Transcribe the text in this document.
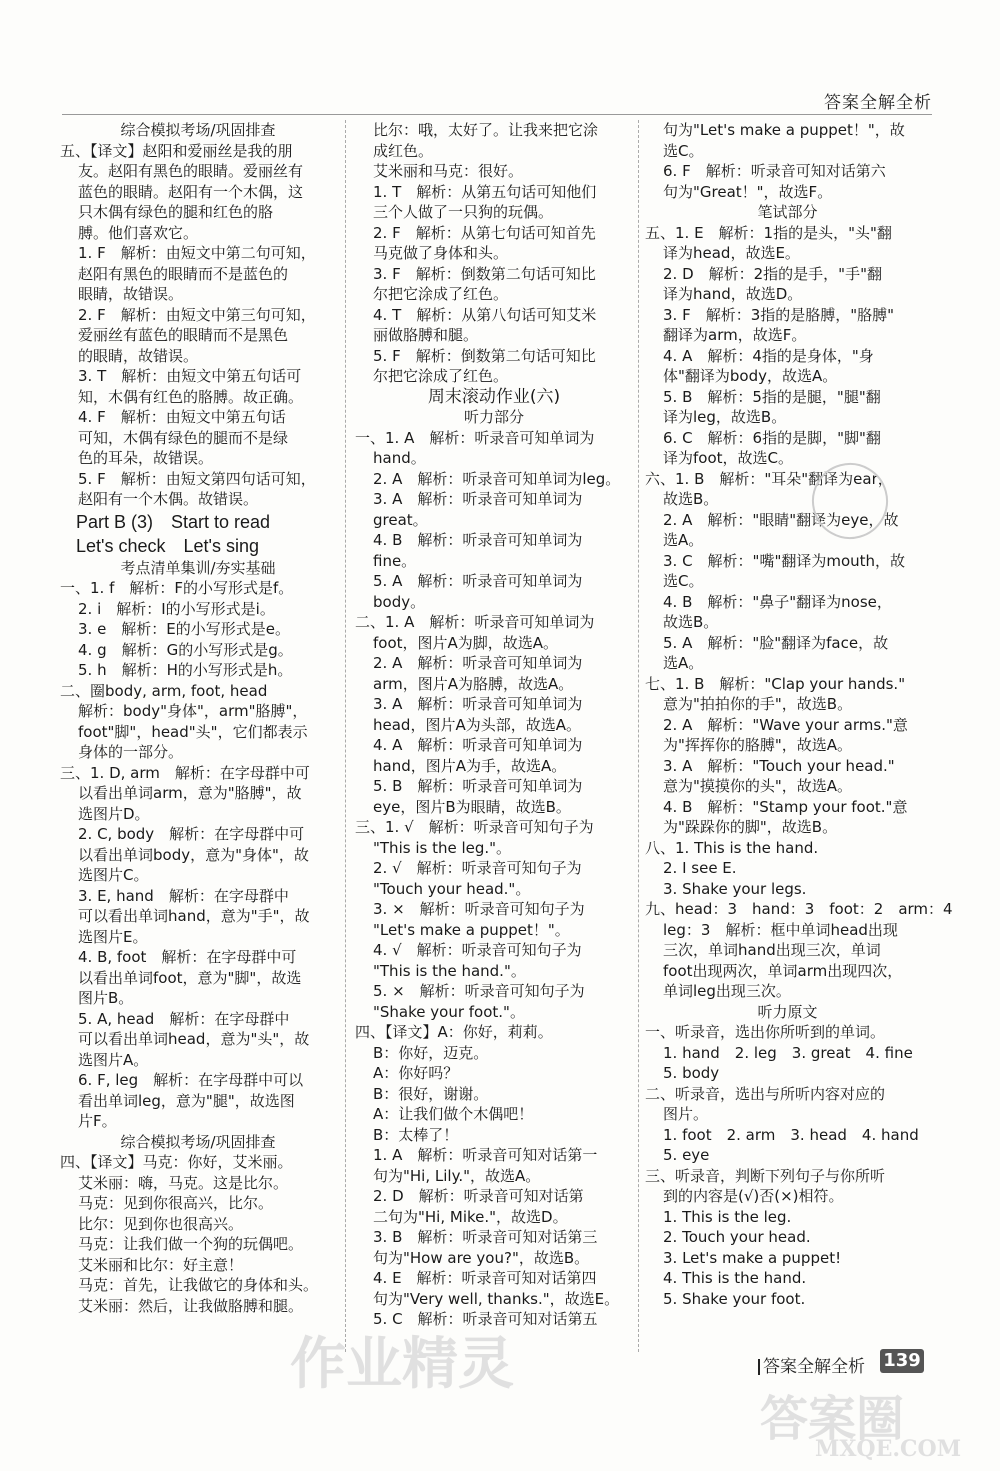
答案全解全析
综合模拟考场/巩固排查
五、【译文】赵阳和爱丽丝是我的朋
友。赵阳有黑色的眼睛。爱丽丝有
蓝色的眼睛。赵阳有一个木偶，这
只木偶有绿色的腿和红色的胳
膊。他们喜欢它。
1. F　解析：由短文中第二句可知，
赵阳有黑色的眼睛而不是蓝色的
眼睛，故错误。
2. F　解析：由短文中第三句可知，
爱丽丝有蓝色的眼睛而不是黑色
的眼睛，故错误。
3. T　解析：由短文中第五句话可
知，木偶有红色的胳膊。故正确。
4. F　解析：由短文中第五句话
可知，木偶有绿色的腿而不是绿
色的耳朵，故错误。
5. F　解析：由短文第四句话可知，
赵阳有一个木偶。故错误。
Part B (3)　Start to read
Let's check　Let's sing
考点清单集训/夯实基础
一、1. f　解析：F的小写形式是f。
2. i　解析：I的小写形式是i。
3. e　解析：E的小写形式是e。
4. g　解析：G的小写形式是g。
5. h　解析：H的小写形式是h。
二、圈body, arm, foot, head
解析：body"身体"，arm"胳膊"，
foot"脚"，head"头"，它们都表示
身体的一部分。
三、1. D, arm　解析：在字母群中可
以看出单词arm，意为"胳膊"，故
选图片D。
2. C, body　解析：在字母群中可
以看出单词body，意为"身体"，故
选图片C。
3. E, hand　解析：在字母群中
可以看出单词hand，意为"手"，故
选图片E。
4. B, foot　解析：在字母群中可
以看出单词foot，意为"脚"，故选
图片B。
5. A, head　解析：在字母群中
可以看出单词head，意为"头"，故
选图片A。
6. F, leg　解析：在字母群中可以
看出单词leg，意为"腿"，故选图
片F。
综合模拟考场/巩固排查
四、【译文】马克：你好，艾米丽。
艾米丽：嗨，马克。这是比尔。
马克：见到你很高兴，比尔。
比尔：见到你也很高兴。
马克：让我们做一个狗的玩偶吧。
艾米丽和比尔：好主意！
马克：首先，让我做它的身体和头。
艾米丽：然后，让我做胳膊和腿。
比尔：哦，太好了。让我来把它涂
成红色。
艾米丽和马克：很好。
1. T　解析：从第五句话可知他们
三个人做了一只狗的玩偶。
2. F　解析：从第七句话可知首先
马克做了身体和头。
3. F　解析：倒数第二句话可知比
尔把它涂成了红色。
4. T　解析：从第八句话可知艾米
丽做胳膊和腿。
5. F　解析：倒数第二句话可知比
尔把它涂成了红色。
周末滚动作业(六)
听力部分
一、1. A　解析：听录音可知单词为
hand。
2. A　解析：听录音可知单词为leg。
3. A　解析：听录音可知单词为
great。
4. B　解析：听录音可知单词为
fine。
5. A　解析：听录音可知单词为
body。
二、1. A　解析：听录音可知单词为
foot，图片A为脚，故选A。
2. A　解析：听录音可知单词为
arm，图片A为胳膊，故选A。
3. A　解析：听录音可知单词为
head，图片A为头部，故选A。
4. A　解析：听录音可知单词为
hand，图片A为手，故选A。
5. B　解析：听录音可知单词为
eye，图片B为眼睛，故选B。
三、1. √　解析：听录音可知句子为
"This is the leg."。
2. √　解析：听录音可知句子为
"Touch your head."。
3. ×　解析：听录音可知句子为
"Let's make a puppet！"。
4. √　解析：听录音可知句子为
"This is the hand."。
5. ×　解析：听录音可知句子为
"Shake your foot."。
四、【译文】A：你好，莉莉。
B：你好，迈克。
A：你好吗？
B：很好，谢谢。
A：让我们做个木偶吧！
B：太棒了！
1. A　解析：听录音可知对话第一
句为"Hi, Lily."，故选A。
2. D　解析：听录音可知对话第
二句为"Hi, Mike."，故选D。
3. B　解析：听录音可知对话第三
句为"How are you?"，故选B。
4. E　解析：听录音可知对话第四
句为"Very well, thanks."，故选E。
5. C　解析：听录音可知对话第五
句为"Let's make a puppet！"，故
选C。
6. F　解析：听录音可知对话第六
句为"Great！"，故选F。
笔试部分
五、1. E　解析：1指的是头，"头"翻
译为head，故选E。
2. D　解析：2指的是手，"手"翻
译为hand，故选D。
3. F　解析：3指的是胳膊，"胳膊"
翻译为arm，故选F。
4. A　解析：4指的是身体，"身
体"翻译为body，故选A。
5. B　解析：5指的是腿，"腿"翻
译为leg，故选B。
6. C　解析：6指的是脚，"脚"翻
译为foot，故选C。
六、1. B　解析："耳朵"翻译为ear，
故选B。
2. A　解析："眼睛"翻译为eye，故
选A。
3. C　解析："嘴"翻译为mouth，故
选C。
4. B　解析："鼻子"翻译为nose，
故选B。
5. A　解析："脸"翻译为face，故
选A。
七、1. B　解析："Clap your hands."
意为"拍拍你的手"，故选B。
2. A　解析："Wave your arms."意
为"挥挥你的胳膊"，故选A。
3. A　解析："Touch your head."
意为"摸摸你的头"，故选A。
4. B　解析："Stamp your foot."意
为"跺跺你的脚"，故选B。
八、1. This is the hand.
2. I see E.
3. Shake your legs.
九、head：3　hand：3　foot：2　arm：4
leg：3　解析：框中单词head出现
三次，单词hand出现三次，单词
foot出现两次，单词arm出现四次，
单词leg出现三次。
听力原文
一、听录音，选出你所听到的单词。
1. hand　2. leg　3. great　4. fine
5. body
二、听录音，选出与所听内容对应的
图片。
1. foot　2. arm　3. head　4. hand
5. eye
三、听录音，判断下列句子与你所听
到的内容是(√)否(×)相符。
1. This is the leg.
2. Touch your head.
3. Let's make a puppet!
4. This is the hand.
5. Shake your foot.
作业精灵
答案圈
MXQE.COM
答案全解全析 139
